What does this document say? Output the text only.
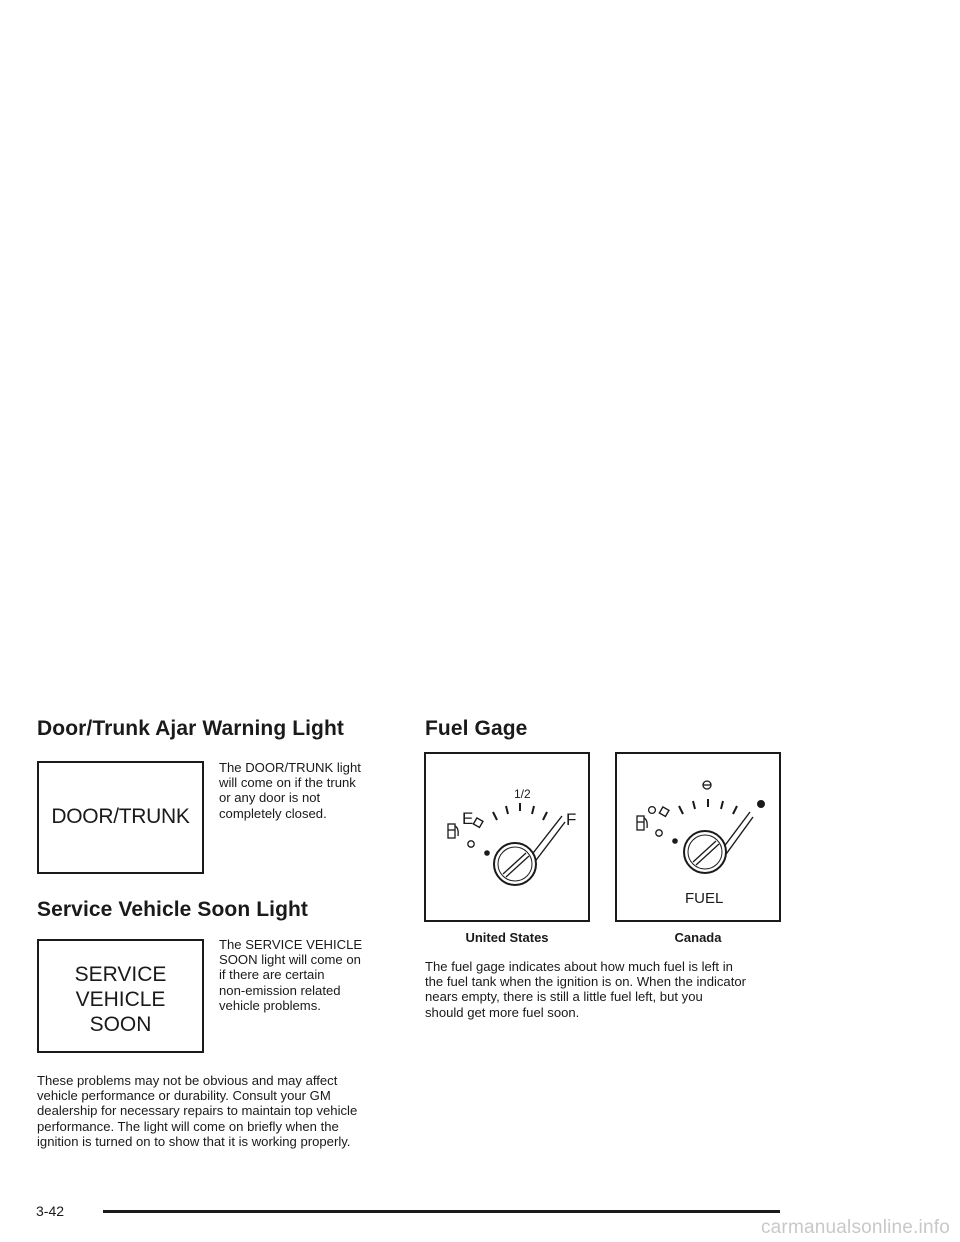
Door/Trunk Ajar Warning Light
DOOR/TRUNK

The DOOR/TRUNK light
will come on if the trunk
or any door is not
completely closed.

Service Vehicle Soon Light
SERVICE
VEHICLE
SOON

The SERVICE VEHICLE
SOON light will come on
if there are certain
non-emission related
vehicle problems.

These problems may not be obvious and may affect
vehicle performance or durability. Consult your GM
dealership for necessary repairs to maintain top vehicle
performance. The light will come on briefly when the
ignition is turned on to show that it is working properly.

Fuel Gage
E
1/2
F
United States
FUEL
Canada

The fuel gage indicates about how much fuel is left in
the fuel tank when the ignition is on. When the indicator
nears empty, there is still a little fuel left, but you
should get more fuel soon.

3-42
carmanualsonline.info
